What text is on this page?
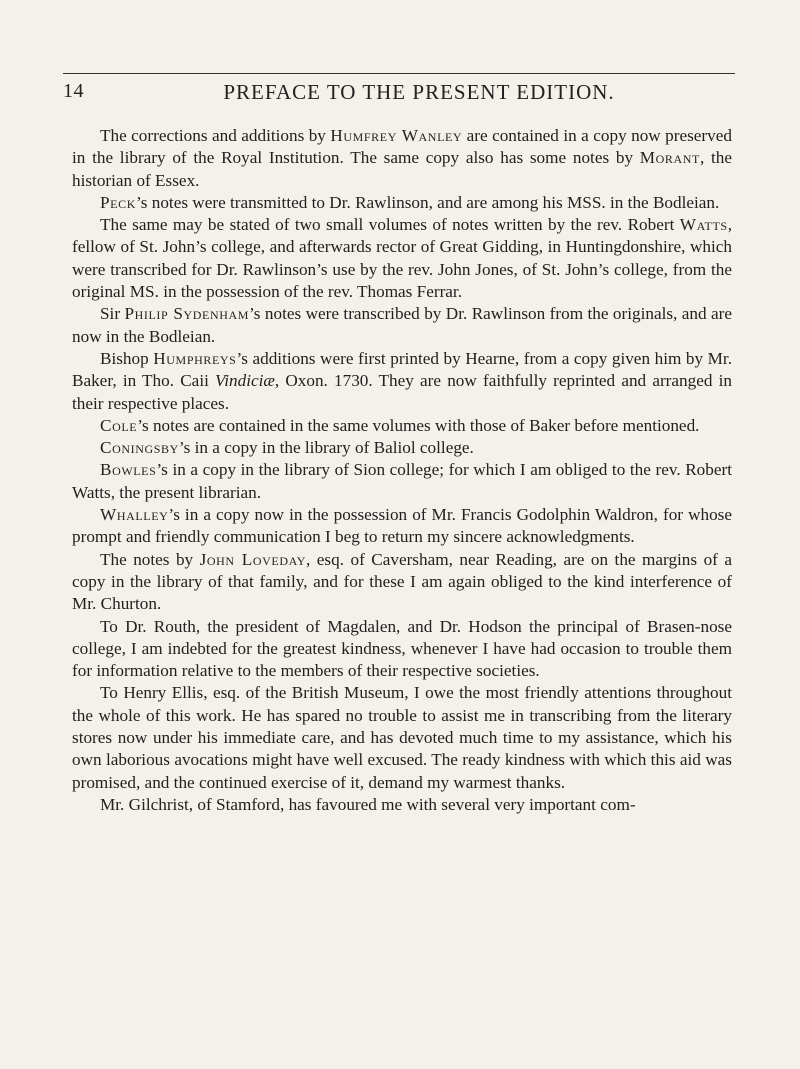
14	PREFACE TO THE PRESENT EDITION.

The corrections and additions by Humfrey Wanley are contained in a copy now preserved in the library of the Royal Institution. The same copy also has some notes by Morant, the historian of Essex.

Peck’s notes were transmitted to Dr. Rawlinson, and are among his MSS. in the Bodleian.

The same may be stated of two small volumes of notes written by the rev. Robert Watts, fellow of St. John’s college, and afterwards rector of Great Gidding, in Huntingdonshire, which were transcribed for Dr. Rawlinson’s use by the rev. John Jones, of St. John’s college, from the original MS. in the possession of the rev. Thomas Ferrar.

Sir Philip Sydenham’s notes were transcribed by Dr. Rawlinson from the originals, and are now in the Bodleian.

Bishop Humphreys’s additions were first printed by Hearne, from a copy given him by Mr. Baker, in Tho. Caii Vindiciæ, Oxon. 1730. They are now faithfully reprinted and arranged in their respective places.

Cole’s notes are contained in the same volumes with those of Baker before mentioned.

Coningsby’s in a copy in the library of Baliol college.

Bowles’s in a copy in the library of Sion college; for which I am obliged to the rev. Robert Watts, the present librarian.

Whalley’s in a copy now in the possession of Mr. Francis Godolphin Waldron, for whose prompt and friendly communication I beg to return my sincere acknowledgments.

The notes by John Loveday, esq. of Caversham, near Reading, are on the margins of a copy in the library of that family, and for these I am again obliged to the kind interference of Mr. Churton.

To Dr. Routh, the president of Magdalen, and Dr. Hodson the principal of Brasen-nose college, I am indebted for the greatest kindness, whenever I have had occasion to trouble them for information relative to the members of their respective societies.

To Henry Ellis, esq. of the British Museum, I owe the most friendly attentions throughout the whole of this work. He has spared no trouble to assist me in transcribing from the literary stores now under his immediate care, and has devoted much time to my assistance, which his own laborious avocations might have well excused. The ready kindness with which this aid was promised, and the continued exercise of it, demand my warmest thanks.

Mr. Gilchrist, of Stamford, has favoured me with several very important com-
